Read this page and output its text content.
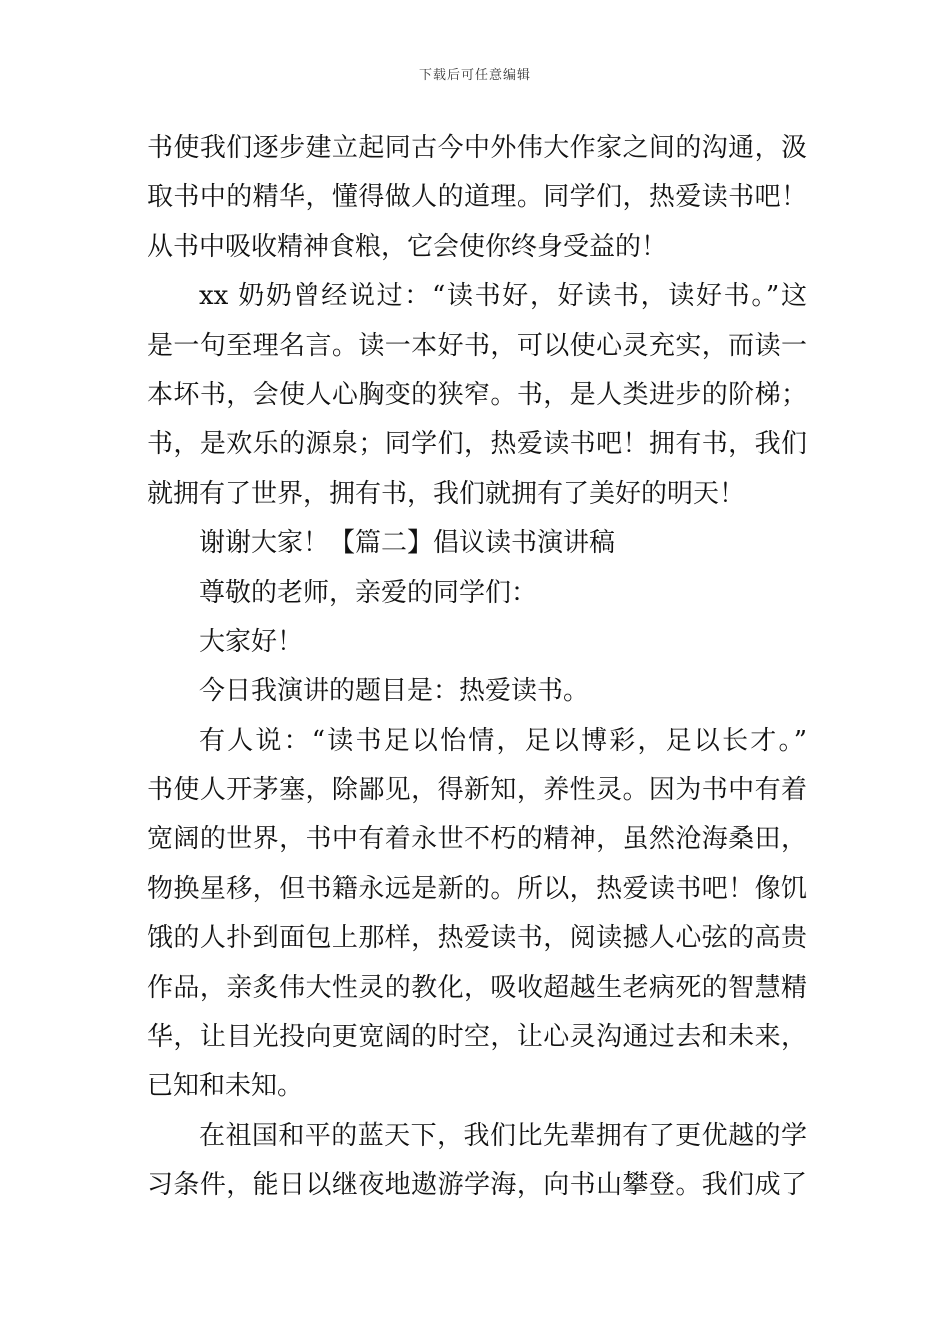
下载后可任意编辑
书使我们逐步建立起同古今中外伟大作家之间的沟通，汲
取书中的精华，懂得做人的道理。同学们，热爱读书吧！
从书中吸收精神食粮，它会使你终身受益的！
xx 奶奶曾经说过：“读书好，好读书，读好书。”这
是一句至理名言。读一本好书，可以使心灵充实，而读一
本坏书，会使人心胸变的狭窄。书，是人类进步的阶梯；
书，是欢乐的源泉；同学们，热爱读书吧！拥有书，我们
就拥有了世界，拥有书，我们就拥有了美好的明天！
谢谢大家！【篇二】倡议读书演讲稿
尊敬的老师，亲爱的同学们：
大家好！
今日我演讲的题目是：热爱读书。
有人说：“读书足以怡情，足以博彩，足以长才。”
书使人开茅塞，除鄙见，得新知，养性灵。因为书中有着
宽阔的世界，书中有着永世不朽的精神，虽然沧海桑田，
物换星移，但书籍永远是新的。所以，热爱读书吧！像饥
饿的人扑到面包上那样，热爱读书，阅读撼人心弦的高贵
作品，亲炙伟大性灵的教化，吸收超越生老病死的智慧精
华，让目光投向更宽阔的时空，让心灵沟通过去和未来，
已知和未知。
在祖国和平的蓝天下，我们比先辈拥有了更优越的学
习条件，能日以继夜地遨游学海，向书山攀登。我们成了
